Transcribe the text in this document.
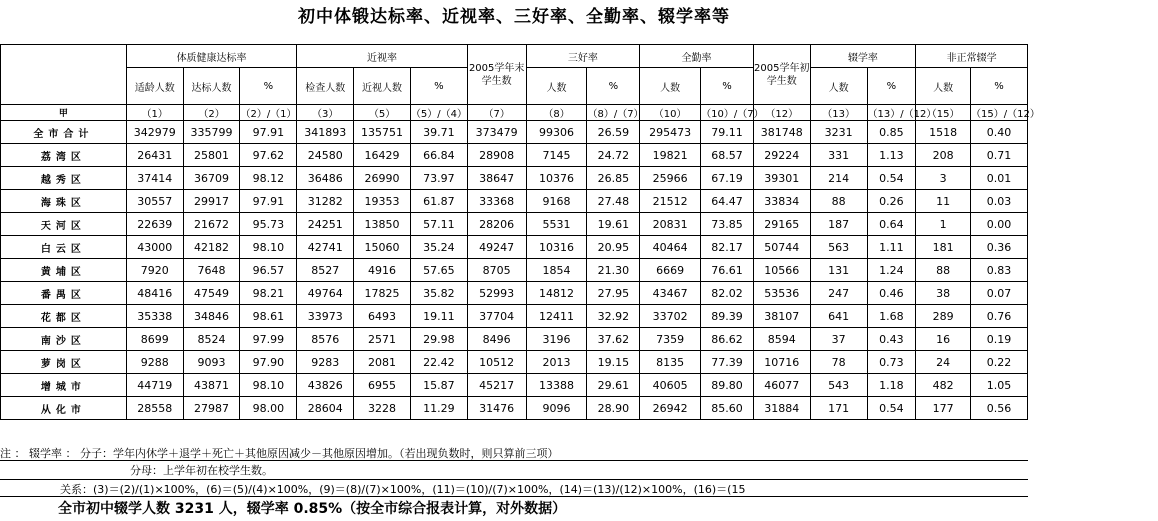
初中体锻达标率、近视率、三好率、全勤率、辍学率等
	体质健康达标率			近视率			2005学年末学生数	三好率		全勤率		2005学年初学生数	辍学率		非正常辍学	
	适龄人数	达标人数	%	检查人数	近视人数	%		人数	%	人数	%		人数	%	人数	%
甲	（1）	（2）	（2）/（1）	（3）	（5）	（5）/（4）	（7）	（8）	（8）/（7）	（10）	（10）/（7）	（12）	（13）	（13）/（12）	（15）	（15）/（12）
全市合计	342979	335799	97.91	341893	135751	39.71	373479	99306	26.59	295473	79.11	381748	3231	0.85	1518	0.40
荔湾区	26431	25801	97.62	24580	16429	66.84	28908	7145	24.72	19821	68.57	29224	331	1.13	208	0.71
越秀区	37414	36709	98.12	36486	26990	73.97	38647	10376	26.85	25966	67.19	39301	214	0.54	3	0.01
海珠区	30557	29917	97.91	31282	19353	61.87	33368	9168	27.48	21512	64.47	33834	88	0.26	11	0.03
天河区	22639	21672	95.73	24251	13850	57.11	28206	5531	19.61	20831	73.85	29165	187	0.64	1	0.00
白云区	43000	42182	98.10	42741	15060	35.24	49247	10316	20.95	40464	82.17	50744	563	1.11	181	0.36
黄埔区	7920	7648	96.57	8527	4916	57.65	8705	1854	21.30	6669	76.61	10566	131	1.24	88	0.83
番禺区	48416	47549	98.21	49764	17825	35.82	52993	14812	27.95	43467	82.02	53536	247	0.46	38	0.07
花都区	35338	34846	98.61	33973	6493	19.11	37704	12411	32.92	33702	89.39	38107	641	1.68	289	0.76
南沙区	8699	8524	97.99	8576	2571	29.98	8496	3196	37.62	7359	86.62	8594	37	0.43	16	0.19
萝岗区	9288	9093	97.90	9283	2081	22.42	10512	2013	19.15	8135	77.39	10716	78	0.73	24	0.22
增城市	44719	43871	98.10	43826	6955	15.87	45217	13388	29.61	40605	89.80	46077	543	1.18	482	1.05
从化市	28558	27987	98.00	28604	3228	11.29	31476	9096	28.90	26942	85.60	31884	171	0.54	177	0.56
注 ： 辍学率 ： 分子：学年内休学＋退学＋死亡＋其他原因减少－其他原因增加。（若出现负数时，则只算前三项）
分母：上学年初在校学生数。
关系：(3)＝(2)/(1)×100%，(6)＝(5)/(4)×100%，(9)＝(8)/(7)×100%，(11)＝(10)/(7)×100%，(14)＝(13)/(12)×100%，(16)＝(15
全市初中辍学人数 3231 人，辍学率 0.85%（按全市综合报表计算，对外数据）
